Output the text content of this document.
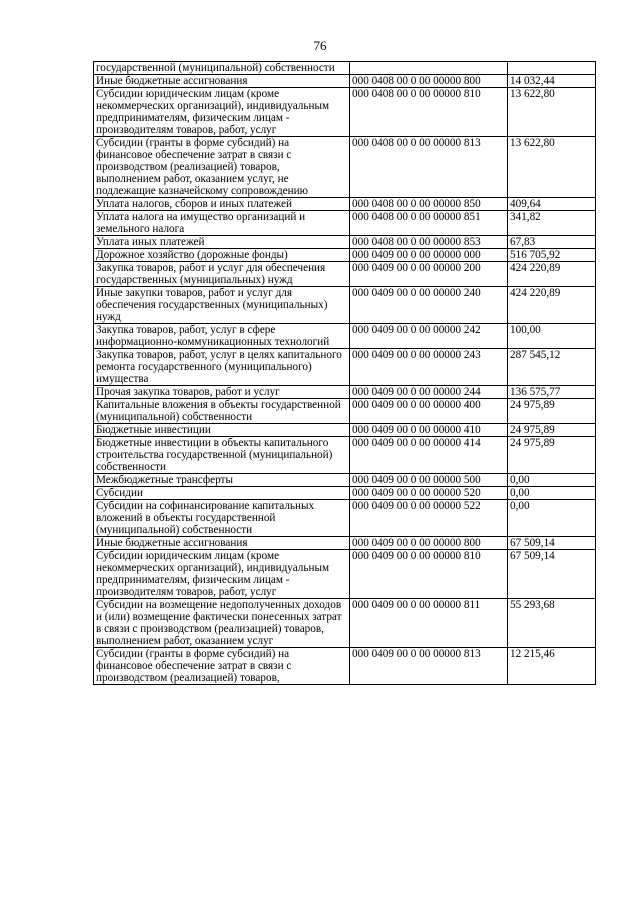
76
государственной (муниципальной) собственности		
Иные бюджетные ассигнования	000 0408 00 0 00 00000 800	14 032,44
Субсидии юридическим лицам (кроме некоммерческих организаций), индивидуальным предпринимателям, физическим лицам - производителям товаров, работ, услуг	000 0408 00 0 00 00000 810	13 622,80
Субсидии (гранты в форме субсидий) на финансовое обеспечение затрат в связи с производством (реализацией) товаров, выполнением работ, оказанием услуг, не подлежащие казначейскому сопровождению	000 0408 00 0 00 00000 813	13 622,80
Уплата налогов, сборов и иных платежей	000 0408 00 0 00 00000 850	409,64
Уплата налога на имущество организаций и земельного налога	000 0408 00 0 00 00000 851	341,82
Уплата иных платежей	000 0408 00 0 00 00000 853	67,83
Дорожное хозяйство (дорожные фонды)	000 0409 00 0 00 00000 000	516 705,92
Закупка товаров, работ и услуг для обеспечения государственных (муниципальных) нужд	000 0409 00 0 00 00000 200	424 220,89
Иные закупки товаров, работ и услуг для обеспечения государственных (муниципальных) нужд	000 0409 00 0 00 00000 240	424 220,89
Закупка товаров, работ, услуг в сфере информационно-коммуникационных технологий	000 0409 00 0 00 00000 242	100,00
Закупка товаров, работ, услуг в целях капитального ремонта государственного (муниципального) имущества	000 0409 00 0 00 00000 243	287 545,12
Прочая закупка товаров, работ и услуг	000 0409 00 0 00 00000 244	136 575,77
Капитальные вложения в объекты государственной (муниципальной) собственности	000 0409 00 0 00 00000 400	24 975,89
Бюджетные инвестиции	000 0409 00 0 00 00000 410	24 975,89
Бюджетные инвестиции в объекты капитального строительства государственной (муниципальной) собственности	000 0409 00 0 00 00000 414	24 975,89
Межбюджетные трансферты	000 0409 00 0 00 00000 500	0,00
Субсидии	000 0409 00 0 00 00000 520	0,00
Субсидии на софинансирование капитальных вложений в объекты государственной (муниципальной) собственности	000 0409 00 0 00 00000 522	0,00
Иные бюджетные ассигнования	000 0409 00 0 00 00000 800	67 509,14
Субсидии юридическим лицам (кроме некоммерческих организаций), индивидуальным предпринимателям, физическим лицам - производителям товаров, работ, услуг	000 0409 00 0 00 00000 810	67 509,14
Субсидии на возмещение недополученных доходов и (или) возмещение фактически понесенных затрат в связи с производством (реализацией) товаров, выполнением работ, оказанием услуг	000 0409 00 0 00 00000 811	55 293,68
Субсидии (гранты в форме субсидий) на финансовое обеспечение затрат в связи с производством (реализацией) товаров,	000 0409 00 0 00 00000 813	12 215,46
